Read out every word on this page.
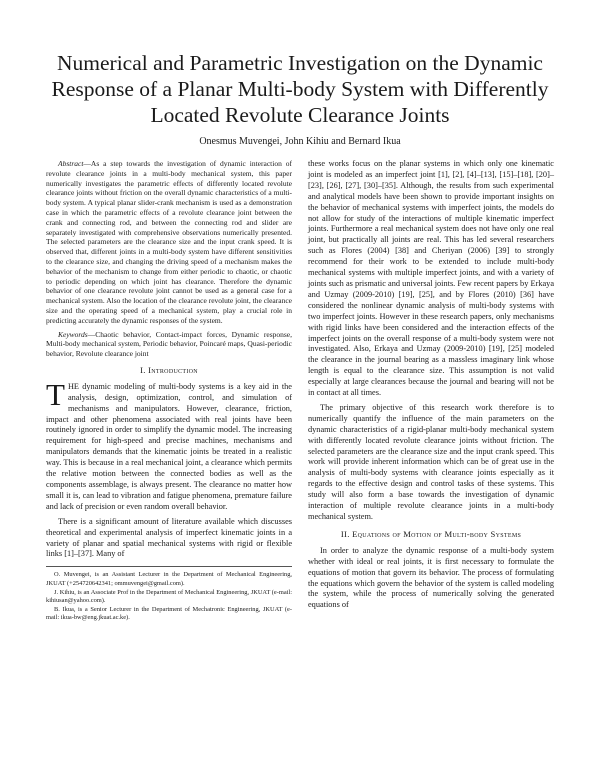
Numerical and Parametric Investigation on the Dynamic Response of a Planar Multi-body System with Differently Located Revolute Clearance Joints
Onesmus Muvengei, John Kihiu and Bernard Ikua

Abstract—As a step towards the investigation of dynamic interaction of revolute clearance joints in a multi-body mechanical system, this paper numerically investigates the parametric effects of differently located revolute clearance joints without friction on the overall dynamic characteristics of a multi-body system. A typical planar slider-crank mechanism is used as a demonstration case in which the parametric effects of a revolute clearance joint between the crank and connecting rod, and between the connecting rod and slider are separately investigated with comprehensive observations numerically presented. The selected parameters are the clearance size and the input crank speed. It is observed that, different joints in a multi-body system have different sensitivities to the clearance size, and changing the driving speed of a mechanism makes the behavior of the mechanism to change from either periodic to chaotic, or chaotic to periodic depending on which joint has clearance. Therefore the dynamic behavior of one clearance revolute joint cannot be used as a general case for a mechanical system. Also the location of the clearance revolute joint, the clearance size and the operating speed of a mechanical system, play a crucial role in predicting accurately the dynamic responses of the system.

Keywords—Chaotic behavior, Contact-impact forces, Dynamic response, Multi-body mechanical system, Periodic behavior, Poincaré maps, Quasi-periodic behavior, Revolute clearance joint

I. Introduction

THE dynamic modeling of multi-body systems is a key aid in the analysis, design, optimization, control, and simulation of mechanisms and manipulators. However, clearance, friction, impact and other phenomena associated with real joints have been routinely ignored in order to simplify the dynamic model. The increasing requirement for high-speed and precise machines, mechanisms and manipulators demands that the kinematic joints be treated in a realistic way. This is because in a real mechanical joint, a clearance which permits the relative motion between the connected bodies as well as the components assemblage, is always present. The clearance no matter how small it is, can lead to vibration and fatigue phenomena, premature failure and lack of precision or even random overall behavior.

There is a significant amount of literature available which discusses theoretical and experimental analysis of imperfect kinematic joints in a variety of planar and spatial mechanical systems with rigid or flexible links [1]–[37]. Many of

O. Muvengei, is an Assistant Lecturer in the Department of Mechanical Engineering, JKUAT (+254720642341; ommuvengei@gmail.com).

J. Kihiu, is an Associate Prof in the Department of Mechanical Engineering, JKUAT (e-mail: kihiusan@yahoo.com).

B. Ikua, is a Senior Lecturer in the Department of Mechatronic Engineering, JKUAT (e-mail: ikua-bw@eng.jkuat.ac.ke).

these works focus on the planar systems in which only one kinematic joint is modeled as an imperfect joint [1], [2], [4]–[13], [15]–[18], [20]–[23], [26], [27], [30]–[35]. Although, the results from such experimental and analytical models have been shown to provide important insights on the behavior of mechanical systems with imperfect joints, the models do not allow for study of the interactions of multiple kinematic imperfect joints. Furthermore a real mechanical system does not have only one real joint, but practically all joints are real. This has led several researchers such as Flores (2004) [38] and Cheriyan (2006) [39] to strongly recommend for their work to be extended to include multi-body mechanical systems with multiple imperfect joints, and with a variety of joints such as prismatic and universal joints. Few recent papers by Erkaya and Uzmay (2009-2010) [19], [25], and by Flores (2010) [36] have considered the nonlinear dynamic analysis of multi-body systems with two imperfect joints. However in these research papers, only mechanisms with rigid links have been considered and the interaction effects of the imperfect joints on the overall response of a multi-body system were not investigated. Also, Erkaya and Uzmay (2009-2010) [19], [25] modeled the clearance in the journal bearing as a massless imaginary link whose length is equal to the clearance size. This assumption is not valid especially at large clearances because the journal and bearing will not be in contact at all times.

The primary objective of this research work therefore is to numerically quantify the influence of the main parameters on the dynamic characteristics of a rigid-planar multi-body mechanical system with differently located revolute clearance joints without friction. The selected parameters are the clearance size and the input crank speed. This work will provide inherent information which can be of great use in the analysis of multi-body systems with clearance joints especially as it regards to the effective design and control tasks of these systems. This study will also form a base towards the investigation of dynamic interaction of multiple revolute clearance joints in a multi-body mechanical system.

II. Equations of Motion of Multi-body Systems

In order to analyze the dynamic response of a multi-body system whether with ideal or real joints, it is first necessary to formulate the equations of motion that govern its behavior. The process of formulating the equations which govern the behavior of the system is called modeling the system, while the process of numerically solving the generated equations of
